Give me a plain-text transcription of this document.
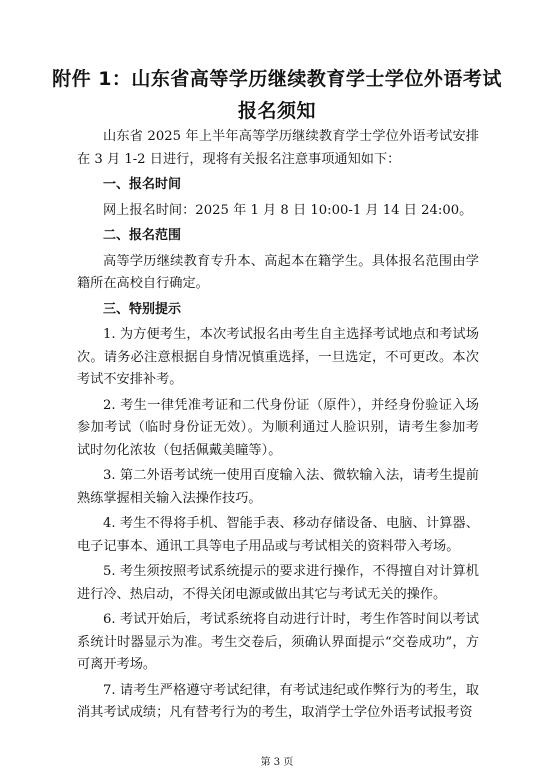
附件 1：山东省高等学历继续教育学士学位外语考试
报名须知

山东省 2025 年上半年高等学历继续教育学士学位外语考试安排在 3 月 1-2 日进行，现将有关报名注意事项通知如下：

一、报名时间

网上报名时间：2025 年 1 月 8 日 10:00-1 月 14 日 24:00。

二、报名范围

高等学历继续教育专升本、高起本在籍学生。具体报名范围由学籍所在高校自行确定。

三、特别提示

1. 为方便考生，本次考试报名由考生自主选择考试地点和考试场次。请务必注意根据自身情况慎重选择，一旦选定，不可更改。本次考试不安排补考。

2. 考生一律凭准考证和二代身份证（原件），并经身份验证入场参加考试（临时身份证无效）。为顺利通过人脸识别，请考生参加考试时勿化浓妆（包括佩戴美瞳等）。

3. 第二外语考试统一使用百度输入法、微软输入法，请考生提前熟练掌握相关输入法操作技巧。

4. 考生不得将手机、智能手表、移动存储设备、电脑、计算器、电子记事本、通讯工具等电子用品或与考试相关的资料带入考场。

5. 考生须按照考试系统提示的要求进行操作，不得擅自对计算机进行冷、热启动，不得关闭电源或做出其它与考试无关的操作。

6. 考试开始后，考试系统将自动进行计时，考生作答时间以考试系统计时器显示为准。考生交卷后，须确认界面提示“交卷成功”，方可离开考场。

7. 请考生严格遵守考试纪律，有考试违纪或作弊行为的考生，取消其考试成绩；凡有替考行为的考生，取消学士学位外语考试报考资

第 3 页
